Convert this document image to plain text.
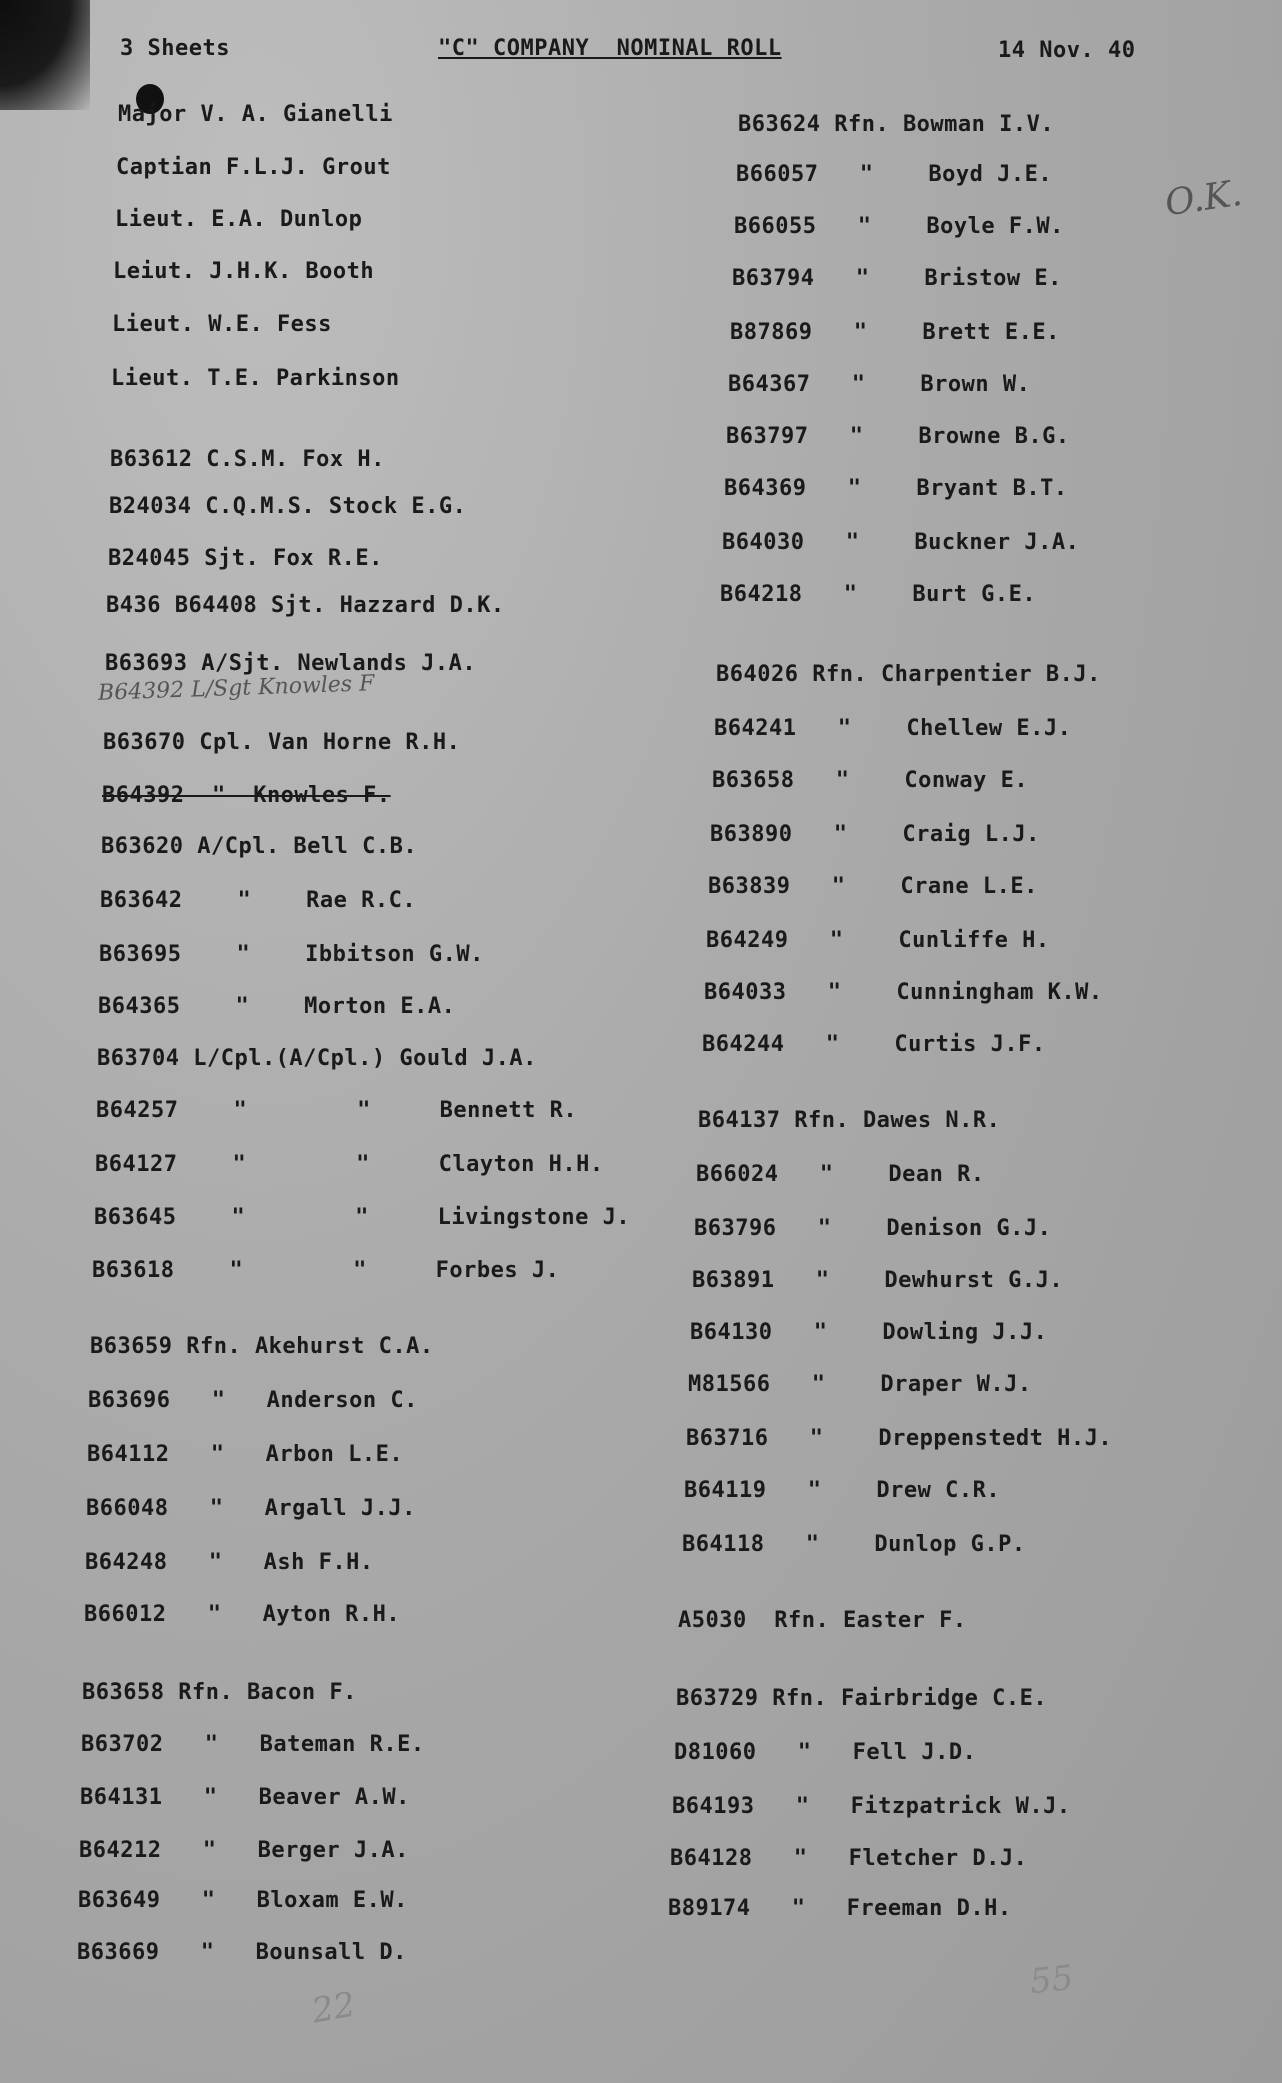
3 Sheets	"C" COMPANY  NOMINAL ROLL	14 Nov. 40
O.K.
Major V. A. Gianelli
Captian F.L.J. Grout
Lieut. E.A. Dunlop
Leiut. J.H.K. Booth
Lieut. W.E. Fess
Lieut. T.E. Parkinson
B63612 C.S.M. Fox H.
B24034 C.Q.M.S. Stock E.G.
B24045 Sjt. Fox R.E.
B436 B64408 Sjt. Hazzard D.K.
B63693 A/Sjt. Newlands J.A.
B64392 L/Sgt Knowles F
B63670 Cpl. Van Horne R.H.
B64392  "  Knowles F.
B63620 A/Cpl. Bell C.B.
B63642    "    Rae R.C.
B63695    "    Ibbitson G.W.
B64365    "    Morton E.A.
B63704 L/Cpl.(A/Cpl.) Gould J.A.
B64257    "        "     Bennett R.
B64127    "        "     Clayton H.H.
B63645    "        "     Livingstone J.
B63618    "        "     Forbes J.
B63659 Rfn. Akehurst C.A.
B63696   "   Anderson C.
B64112   "   Arbon L.E.
B66048   "   Argall J.J.
B64248   "   Ash F.H.
B66012   "   Ayton R.H.
B63658 Rfn. Bacon F.
B63702   "   Bateman R.E.
B64131   "   Beaver A.W.
B64212   "   Berger J.A.
B63649   "   Bloxam E.W.
B63669   "   Bounsall D.
B63624 Rfn. Bowman I.V.
B66057   "    Boyd J.E.
B66055   "    Boyle F.W.
B63794   "    Bristow E.
B87869   "    Brett E.E.
B64367   "    Brown W.
B63797   "    Browne B.G.
B64369   "    Bryant B.T.
B64030   "    Buckner J.A.
B64218   "    Burt G.E.
B64026 Rfn. Charpentier B.J.
B64241   "    Chellew E.J.
B63658   "    Conway E.
B63890   "    Craig L.J.
B63839   "    Crane L.E.
B64249   "    Cunliffe H.
B64033   "    Cunningham K.W.
B64244   "    Curtis J.F.
B64137 Rfn. Dawes N.R.
B66024   "    Dean R.
B63796   "    Denison G.J.
B63891   "    Dewhurst G.J.
B64130   "    Dowling J.J.
M81566   "    Draper W.J.
B63716   "    Dreppenstedt H.J.
B64119   "    Drew C.R.
B64118   "    Dunlop G.P.
A5030  Rfn. Easter F.
B63729 Rfn. Fairbridge C.E.
D81060   "   Fell J.D.
B64193   "   Fitzpatrick W.J.
B64128   "   Fletcher D.J.
B89174   "   Freeman D.H.
22
55
